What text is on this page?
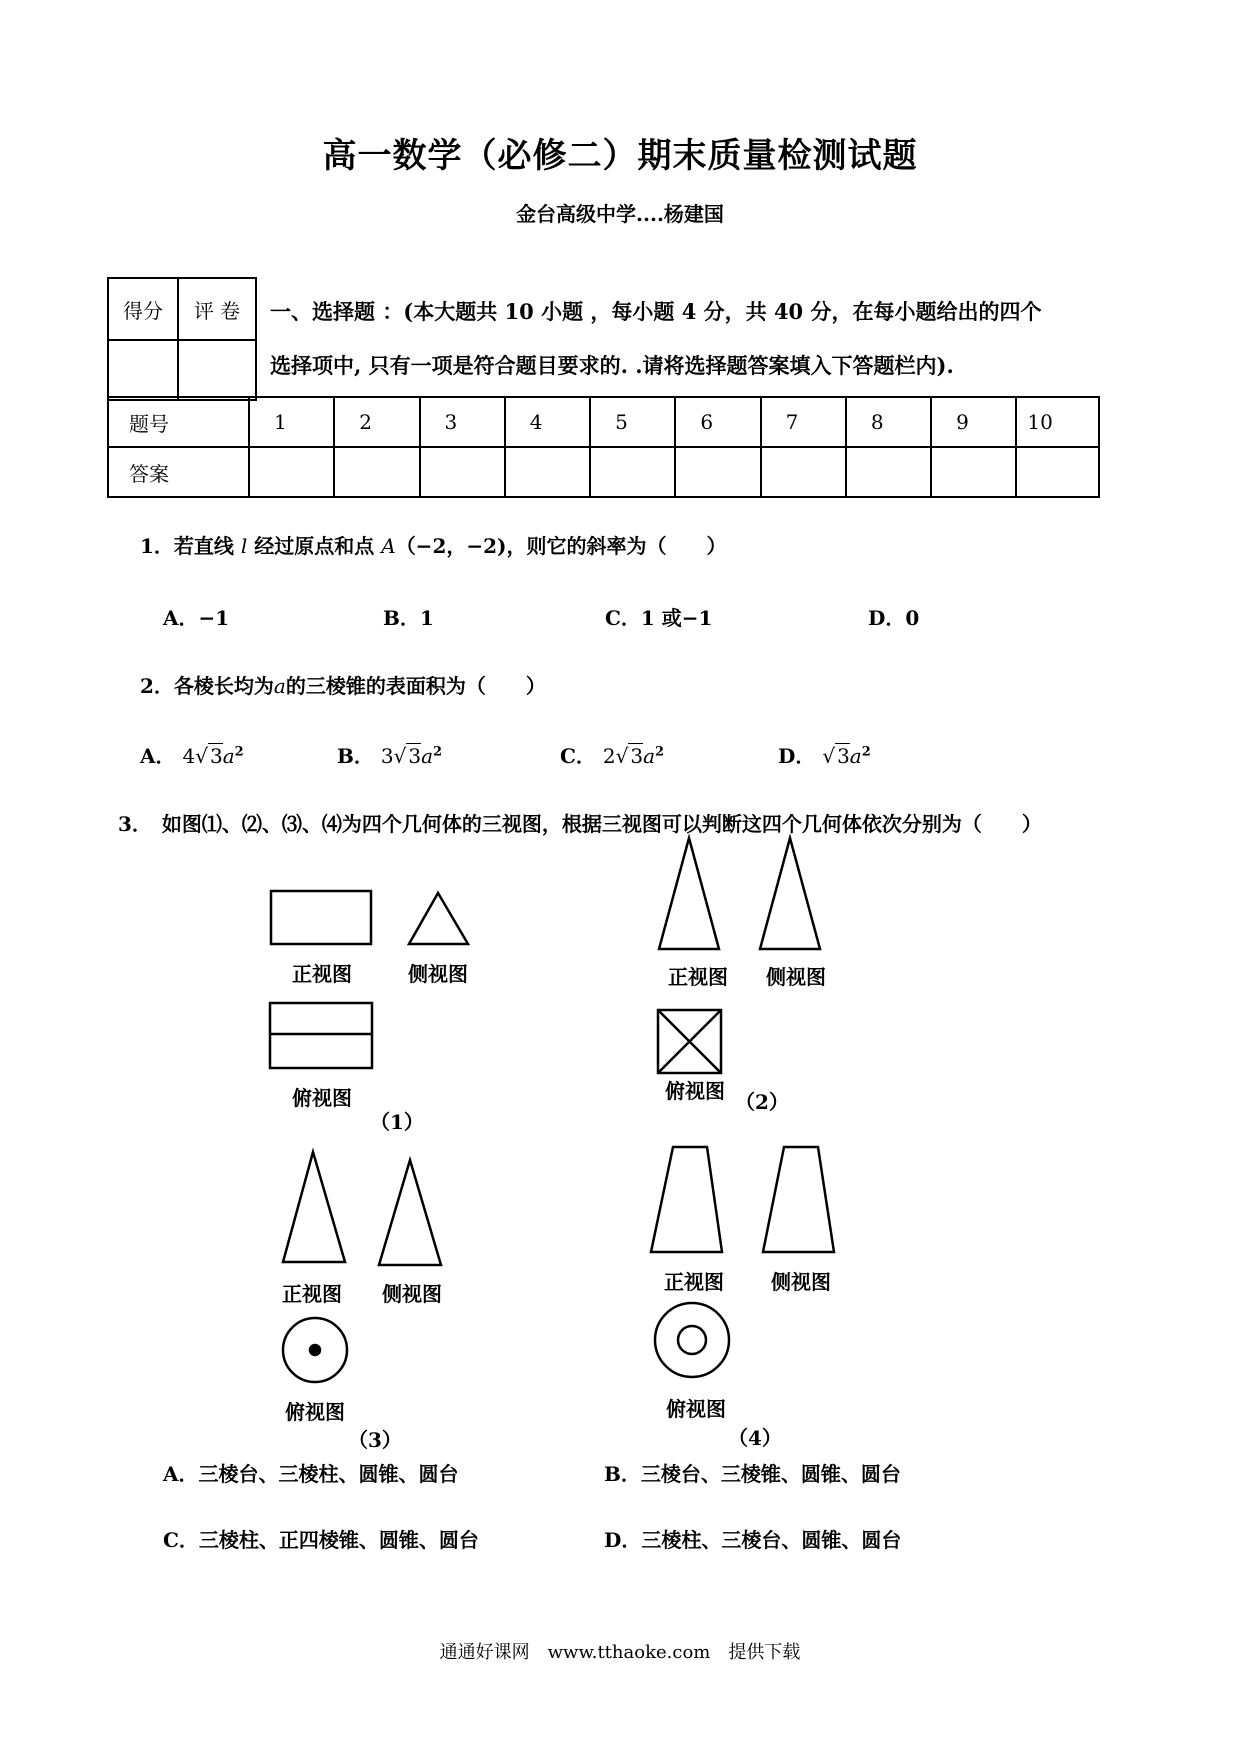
高一数学（必修二）期末质量检测试题
金台高级中学....杨建国
得分	评 卷
	一、选择题 ：(本大题共 10 小题 ，每小题 4 分，共 40 分，在每小题给出的四个
选择项中, 只有一项是符合题目要求的. .请将选择题答案填入下答题栏内).
题号	1	2	3	4	5	6	7	8	9	10
答案										
1．若直线 l 经过原点和点 A（−2，−2)，则它的斜率为（　　）
A．−1	B．1	C．1 或−1	D．0
2．各棱长均为a的三棱锥的表面积为（　　）
A． 4√ $3a^2$	B． 3√ $3a^2$	C． 2√ $3a^2$	D． √ $3a^2$
3．　如图⑴、⑵、⑶、⑷为四个几何体的三视图，根据三视图可以判断这四个几何体依次分别为（　　）
正视图	侧视图
俯视图
（1）
正视图 侧视图
俯视图 （2）
正视图 侧视图
俯视图
（3）
正视图 侧视图
俯视图
（4）
A．三棱台、三棱柱、圆锥、圆台	B．三棱台、三棱锥、圆锥、圆台
C．三棱柱、正四棱锥、圆锥、圆台	D．三棱柱、三棱台、圆锥、圆台
通通好课网　www.tthaoke.com　提供下载
